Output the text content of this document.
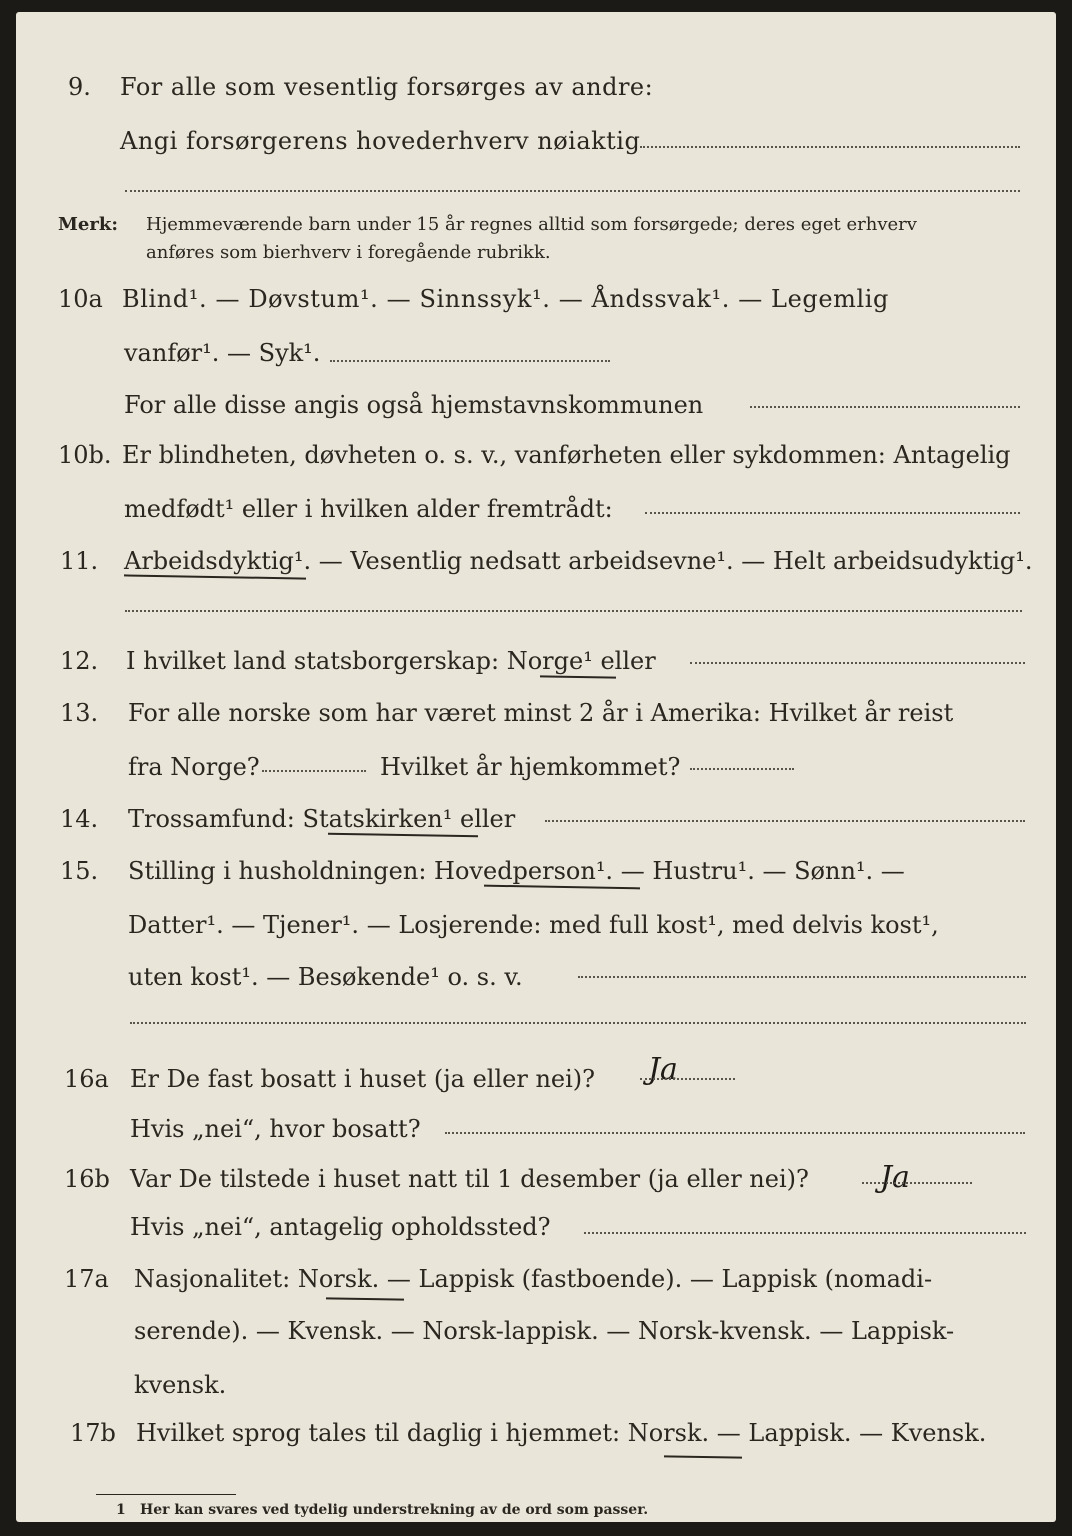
9. For alle som vesentlig forsørges av andre:
Angi forsørgerens hovederhverv nøiaktig
Merk: Hjemmeværende barn under 15 år regnes alltid som forsørgede; deres eget erhverv
anføres som bierhverv i foregående rubrikk.
10a Blind¹. — Døvstum¹. — Sinnssyk¹. — Åndssvak¹. — Legemlig
vanfør¹. — Syk¹.
For alle disse angis også hjemstavnskommunen
10b. Er blindheten, døvheten o. s. v., vanførheten eller sykdommen: Antagelig
medfødt¹ eller i hvilken alder fremtrådt:
11. Arbeidsdyktig¹. — Vesentlig nedsatt arbeidsevne¹. — Helt arbeidsudyktig¹.
12. I hvilket land statsborgerskap: Norge¹ eller
13. For alle norske som har været minst 2 år i Amerika: Hvilket år reist
fra Norge?	Hvilket år hjemkommet?
14. Trossamfund: Statskirken¹ eller
15. Stilling i husholdningen: Hovedperson¹. — Hustru¹. — Sønn¹. —
Datter¹. — Tjener¹. — Losjerende: med full kost¹, med delvis kost¹,
uten kost¹. — Besøkende¹ o. s. v.
16a Er De fast bosatt i huset (ja eller nei)? Ja
Hvis „nei“, hvor bosatt?
16b Var De tilstede i huset natt til 1 desember (ja eller nei)? Ja
Hvis „nei“, antagelig opholdssted?
17a Nasjonalitet: Norsk. — Lappisk (fastboende). — Lappisk (nomadi-
serende). — Kvensk. — Norsk-lappisk. — Norsk-kvensk. — Lappisk-
kvensk.
17b Hvilket sprog tales til daglig i hjemmet: Norsk. — Lappisk. — Kvensk.
1 Her kan svares ved tydelig understrekning av de ord som passer.
